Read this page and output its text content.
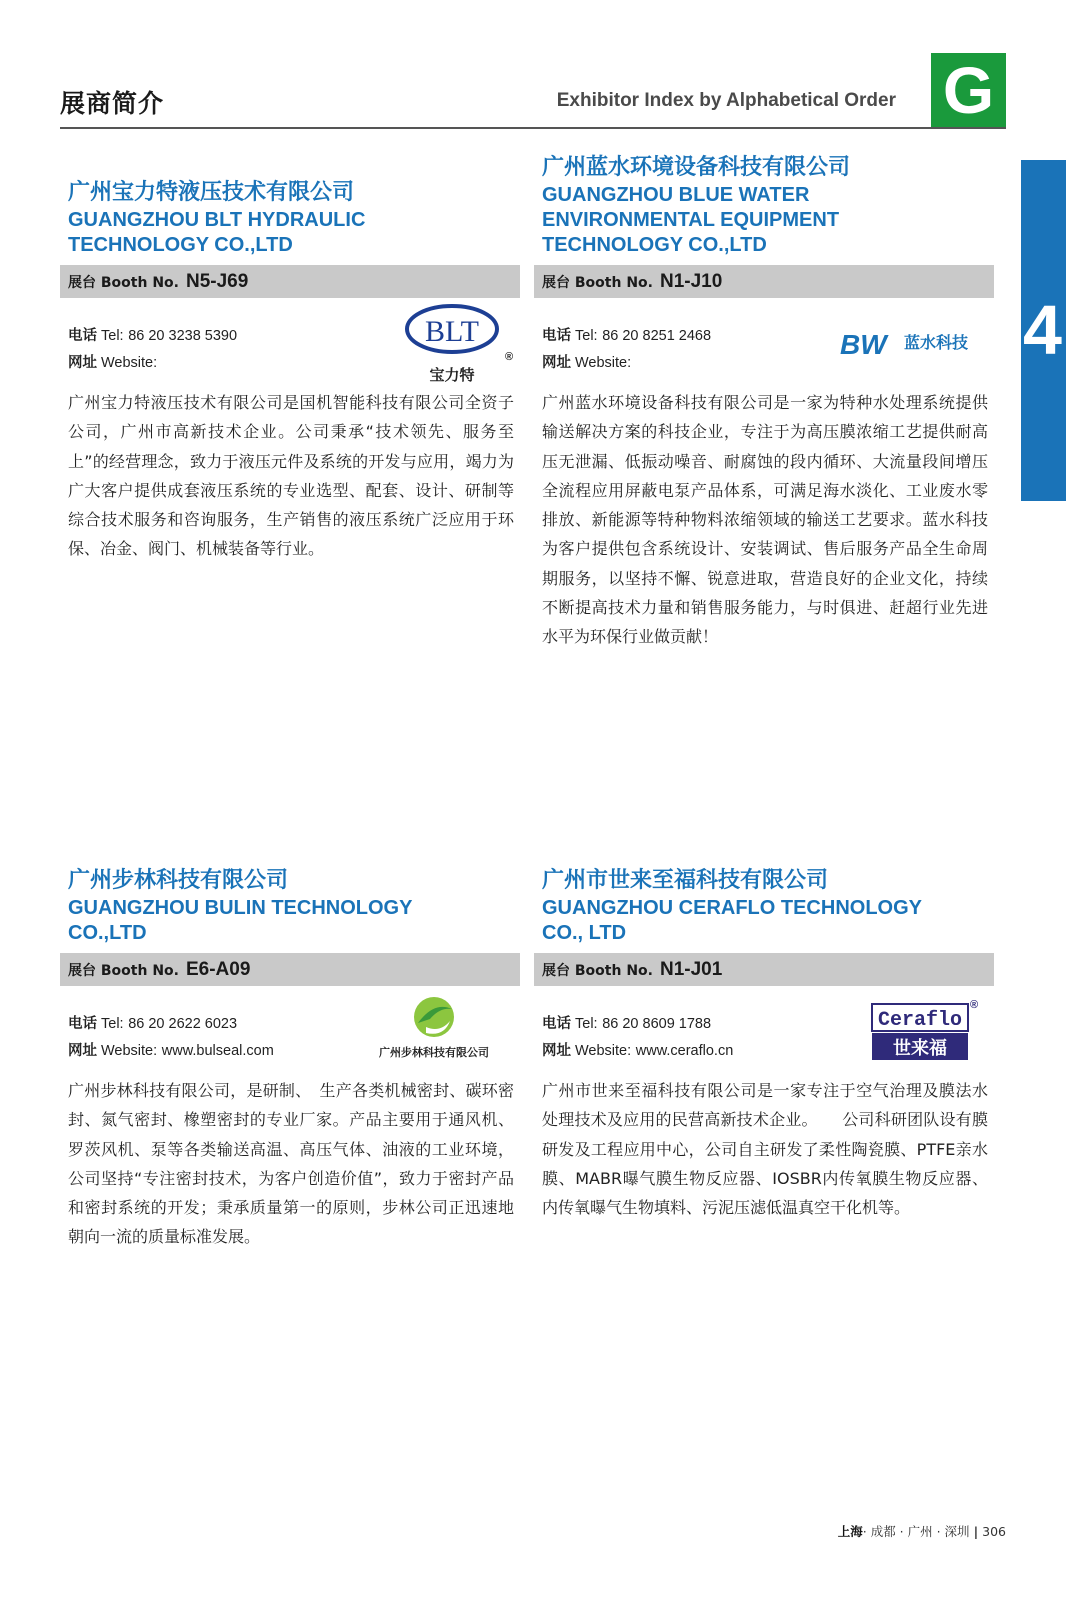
展商简介	Exhibitor Index by Alphabetical Order G
4
广州宝力特液压技术有限公司
GUANGZHOU BLT HYDRAULIC
TECHNOLOGY CO.,LTD
展台 Booth No. N5-J69
电话 Tel: 86 20 3238 5390
网址 Website:
BLT
®
宝力特
广州宝力特液压技术有限公司是国机智能科技有限公司全资子公司，广州市高新技术企业。公司秉承“技术领先、服务至上”的经营理念，致力于液压元件及系统的开发与应用，竭力为广大客户提供成套液压系统的专业选型、配套、设计、研制等综合技术服务和咨询服务，生产销售的液压系统广泛应用于环保、冶金、阀门、机械装备等行业。
广州蓝水环境设备科技有限公司
GUANGZHOU BLUE WATER
ENVIRONMENTAL EQUIPMENT
TECHNOLOGY CO.,LTD
展台 Booth No. N1-J10
电话 Tel: 86 20 8251 2468
网址 Website:
BW 蓝水科技
广州蓝水环境设备科技有限公司是一家为特种水处理系统提供输送解决方案的科技企业，专注于为高压膜浓缩工艺提供耐高压无泄漏、低振动噪音、耐腐蚀的段内循环、大流量段间增压全流程应用屏蔽电泵产品体系，可满足海水淡化、工业废水零排放、新能源等特种物料浓缩领域的输送工艺要求。蓝水科技为客户提供包含系统设计、安装调试、售后服务产品全生命周期服务，以坚持不懈、锐意进取，营造良好的企业文化，持续不断提高技术力量和销售服务能力，与时俱进、赶超行业先进水平为环保行业做贡献！
广州步林科技有限公司
GUANGZHOU BULIN TECHNOLOGY
CO.,LTD
展台 Booth No. E6-A09
电话 Tel: 86 20 2622 6023
网址 Website: www.bulseal.com	广州步林科技有限公司
广州步林科技有限公司，是研制、　生产各类机械密封、碳环密封、氮气密封、橡塑密封的专业厂家。产品主要用于通风机、罗茨风机、泵等各类输送高温、高压气体、油液的工业环境，公司坚持“专注密封技术，为客户创造价值”，致力于密封产品和密封系统的开发；秉承质量第一的原则，步林公司正迅速地朝向一流的质量标准发展。
广州市世来至福科技有限公司
GUANGZHOU CERAFLO TECHNOLOGY
CO., LTD
展台 Booth No. N1-J01
电话 Tel: 86 20 8609 1788
网址 Website: www.ceraflo.cn
Ceraflo
世来福
®
广州市世来至福科技有限公司是一家专注于空气治理及膜法水处理技术及应用的民营高新技术企业。　　公司科研团队设有膜研发及工程应用中心，公司自主研发了柔性陶瓷膜、PTFE亲水膜、MABR曝气膜生物反应器、IOSBR内传氧膜生物反应器、内传氧曝气生物填料、污泥压滤低温真空干化机等。
上海· 成都 · 广州 · 深圳 | 306
